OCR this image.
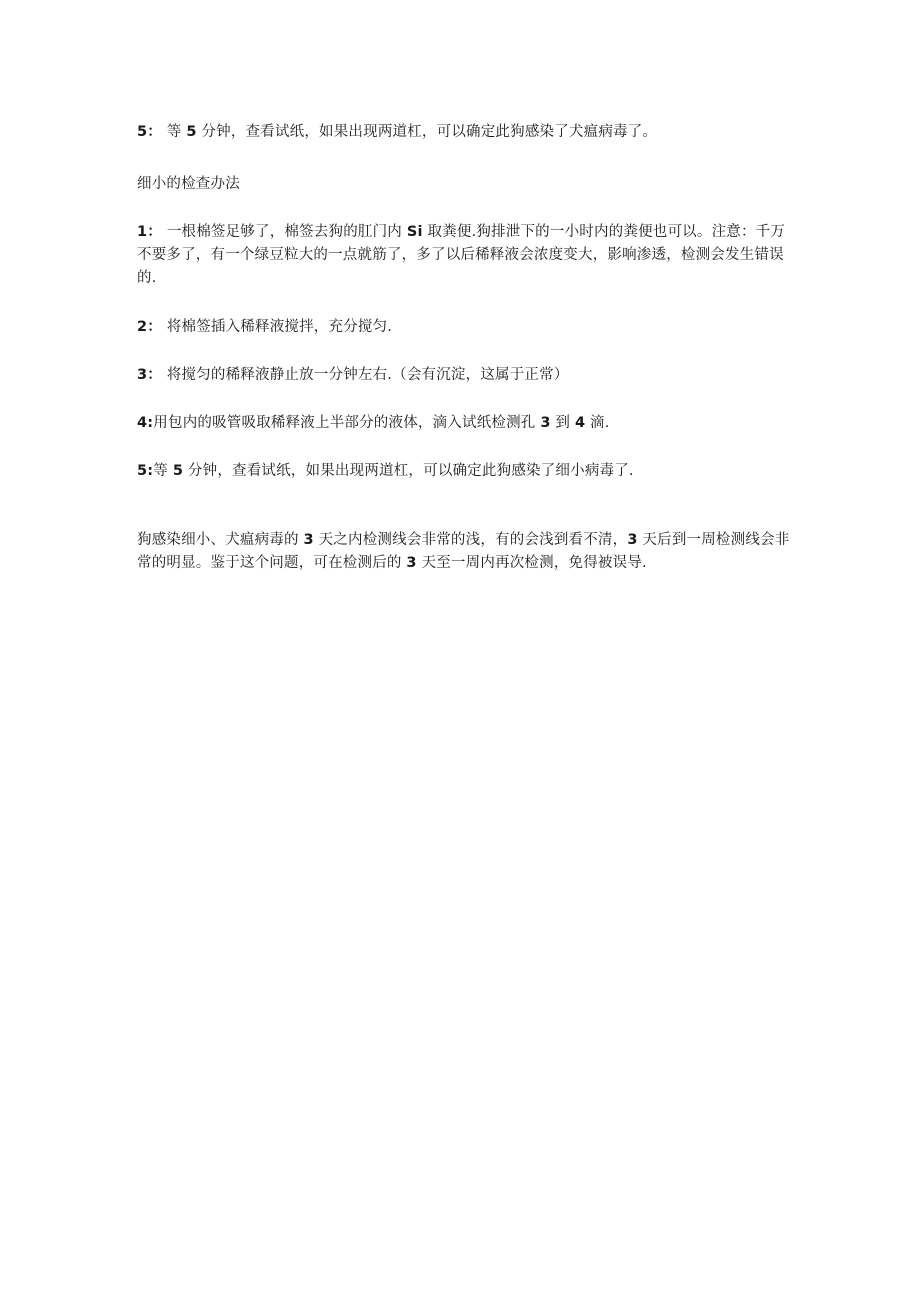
5： 等 5 分钟，查看试纸，如果出现两道杠，可以确定此狗感染了犬瘟病毒了。

细小的检查办法

1： 一根棉签足够了，棉签去狗的肛门内 Si 取粪便.狗排泄下的一小时内的粪便也可以。注意：千万不要多了，有一个绿豆粒大的一点就筋了，多了以后稀释液会浓度变大，影响渗透，检测会发生错误的.

2： 将棉签插入稀释液搅拌，充分搅匀.

3： 将搅匀的稀释液静止放一分钟左右.（会有沉淀，这属于正常）

4:用包内的吸管吸取稀释液上半部分的液体，滴入试纸检测孔 3 到 4 滴.

5:等 5 分钟，查看试纸，如果出现两道杠，可以确定此狗感染了细小病毒了.

狗感染细小、犬瘟病毒的 3 天之内检测线会非常的浅，有的会浅到看不清，3 天后到一周检测线会非常的明显。鉴于这个问题，可在检测后的 3 天至一周内再次检测，免得被误导.
